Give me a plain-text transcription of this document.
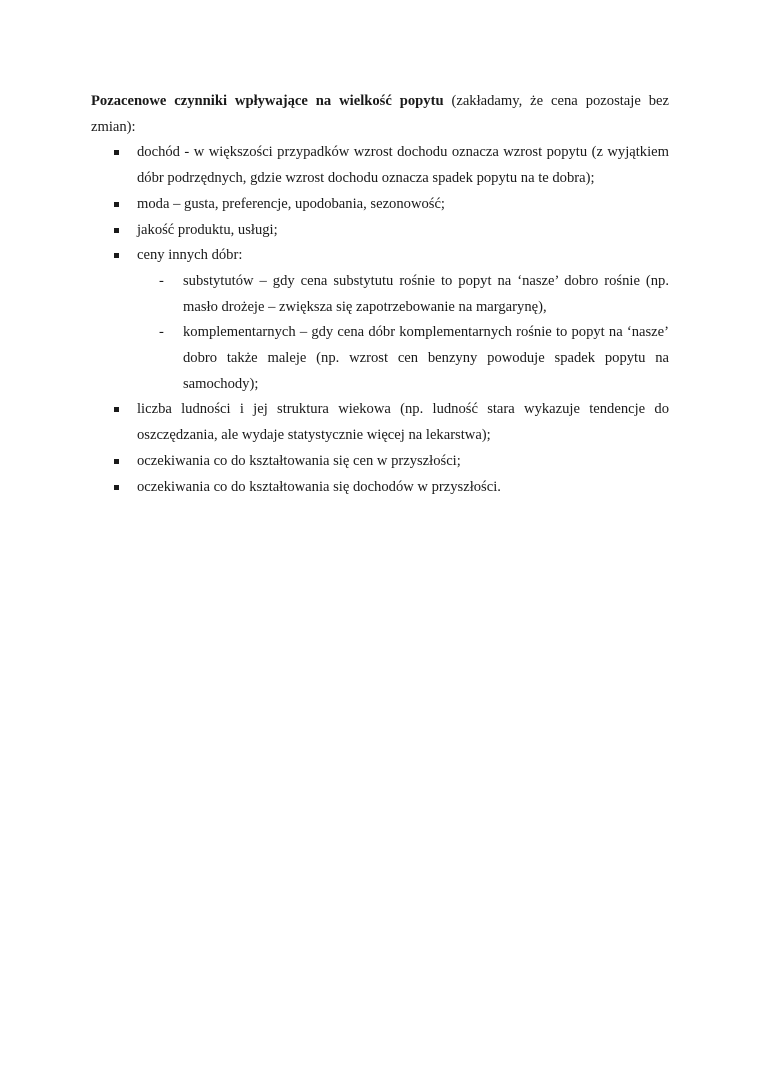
Pozacenowe czynniki wpływające na wielkość popytu (zakładamy, że cena pozostaje bez zmian):

dochód - w większości przypadków wzrost dochodu oznacza wzrost popytu (z wyjątkiem dóbr podrzędnych, gdzie wzrost dochodu oznacza spadek popytu na te dobra);
moda – gusta, preferencje, upodobania, sezonowość;
jakość produktu, usługi;
ceny innych dóbr:
- substytutów – gdy cena substytutu rośnie to popyt na ‘nasze’ dobro rośnie (np. masło drożeje – zwiększa się zapotrzebowanie na margarynę),
- komplementarnych – gdy cena dóbr komplementarnych rośnie to popyt na ‘nasze’ dobro także maleje (np. wzrost cen benzyny powoduje spadek popytu na samochody);
liczba ludności i jej struktura wiekowa (np. ludność stara wykazuje tendencje do oszczędzania, ale wydaje statystycznie więcej na lekarstwa);
oczekiwania co do kształtowania się cen w przyszłości;
oczekiwania co do kształtowania się dochodów w przyszłości.
